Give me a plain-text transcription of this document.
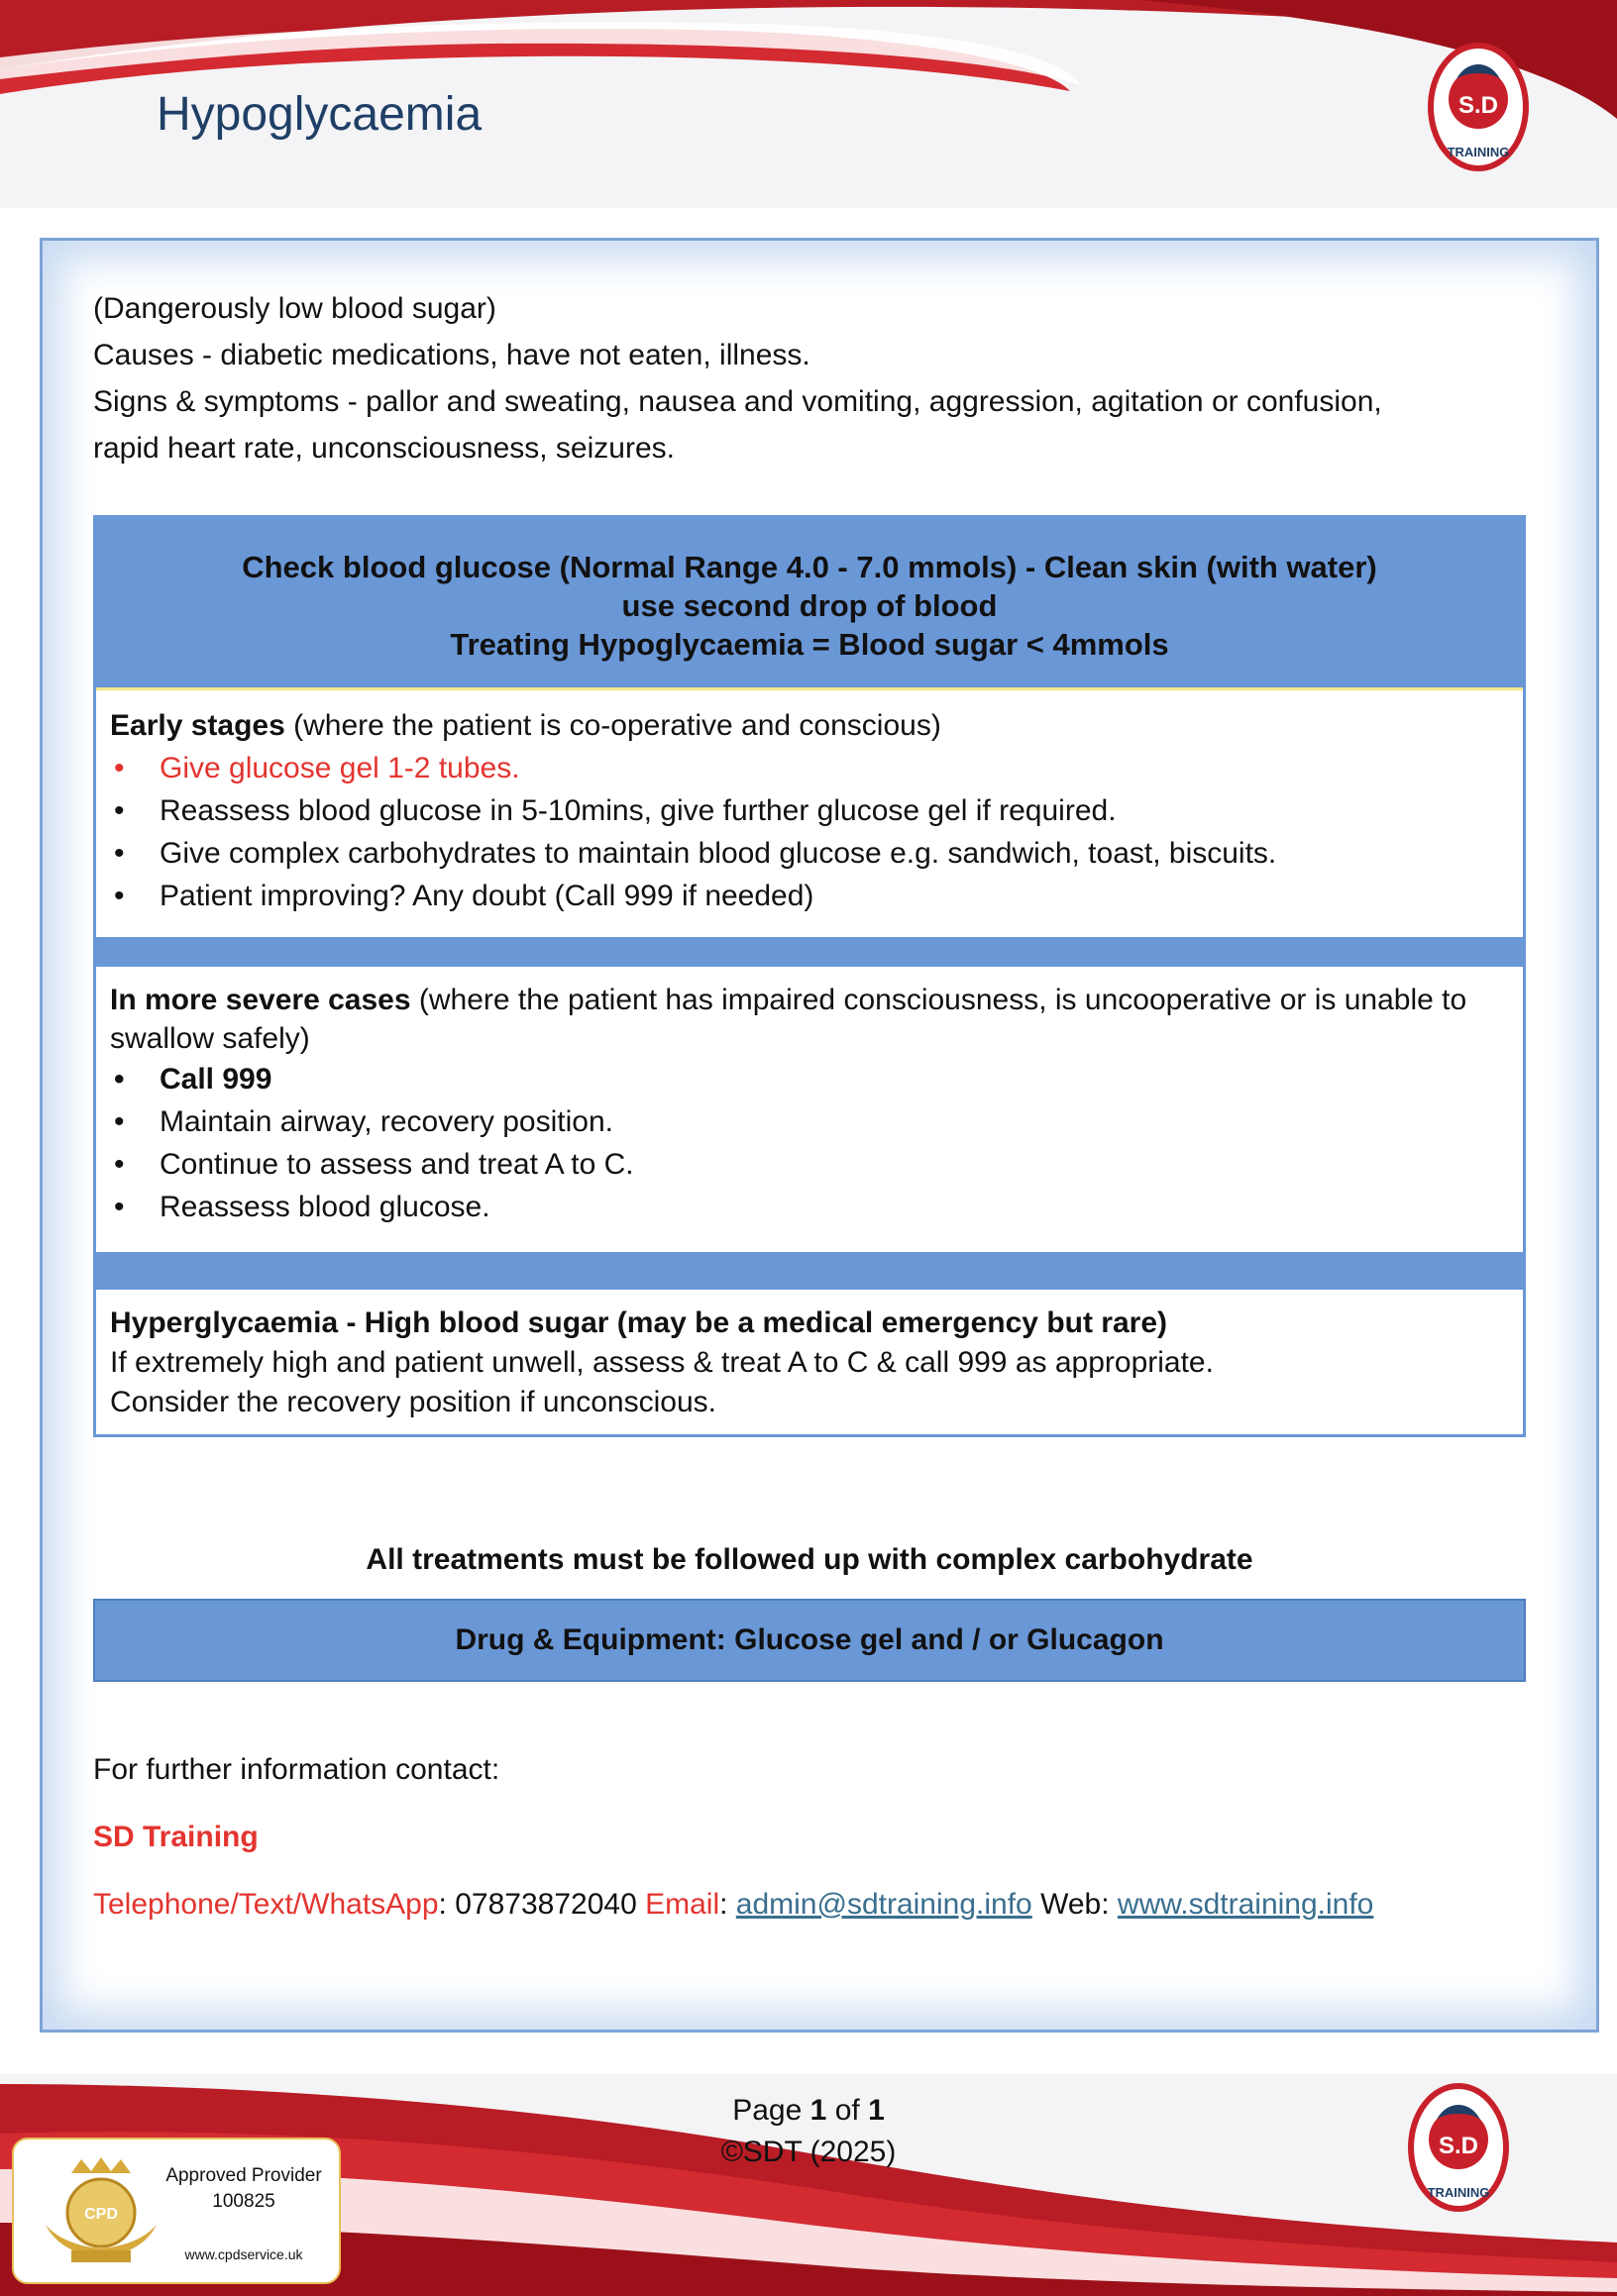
Hypoglycaemia	S.D
TRAINING

(Dangerously low blood sugar)

Causes - diabetic medications, have not eaten, illness.

Signs & symptoms - pallor and sweating, nausea and vomiting, aggression, agitation or confusion,

rapid heart rate, unconsciousness, seizures.

Check blood glucose (Normal Range 4.0 - 7.0 mmols) - Clean skin (with water)
use second drop of blood
Treating Hypoglycaemia = Blood sugar < 4mmols
Early stages (where the patient is co-operative and conscious)
• Give glucose gel 1-2 tubes.
• Reassess blood glucose in 5-10mins, give further glucose gel if required.
• Give complex carbohydrates to maintain blood glucose e.g. sandwich, toast, biscuits.
• Patient improving? Any doubt (Call 999 if needed)
In more severe cases (where the patient has impaired consciousness, is uncooperative or is unable to swallow safely)
• Call 999
• Maintain airway, recovery position.
• Continue to assess and treat A to C.
• Reassess blood glucose.
Hyperglycaemia - High blood sugar (may be a medical emergency but rare)
If extremely high and patient unwell, assess & treat A to C & call 999 as appropriate.
Consider the recovery position if unconscious.
All treatments must be followed up with complex carbohydrate
Drug & Equipment: Glucose gel and / or Glucagon
For further information contact:
SD Training
Telephone/Text/WhatsApp: 07873872040 Email: admin@sdtraining.info Web: www.sdtraining.info
Page 1 of 1
©SDT (2025)
CPD
Approved Provider
100825
www.cpdservice.uk
S.D
TRAINING
